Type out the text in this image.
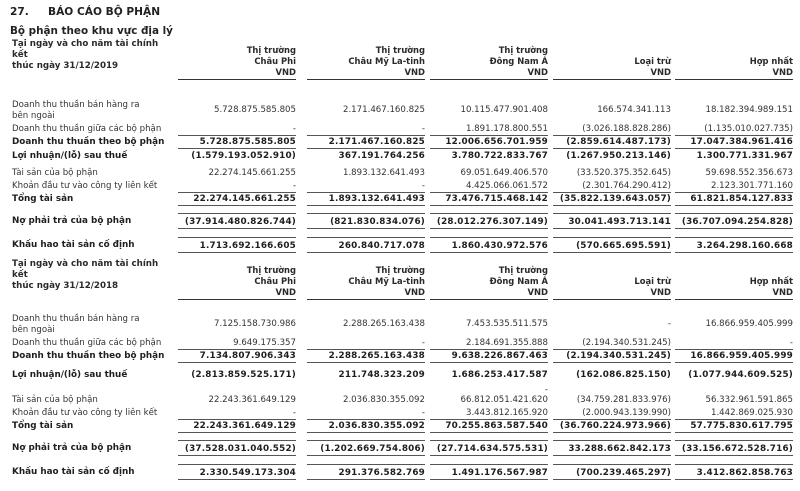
27. BÁO CÁO BỘ PHẬN
Bộ phận theo khu vực địa lý
Tại ngày và cho năm tài chính kết
thúc ngày 31/12/2019
Thị trường
Châu Phi
VND
Thị trường
Châu Mỹ La-tinh
VND
Thị trường
Đông Nam Á
VND
Loại trừ
VND
Hợp nhất
VND
Doanh thu thuần bán hàng ra
bên ngoài
5.728.875.585.805	2.171.467.160.825	10.115.477.901.408	166.574.341.113	18.182.394.989.151
Doanh thu thuần giữa các bộ phận	-	-	1.891.178.800.551	(3.026.188.828.286)	(1.135.010.027.735)
Doanh thu thuần theo bộ phận	5.728.875.585.805	2.171.467.160.825	12.006.656.701.959	(2.859.614.487.173)	17.047.384.961.416
Lợi nhuận/(lỗ) sau thuế	(1.579.193.052.910)	367.191.764.256	3.780.722.833.767	(1.267.950.213.146)	1.300.771.331.967
Tài sản của bộ phận	22.274.145.661.255	1.893.132.641.493	69.051.649.406.570	(33.520.375.352.645)	59.698.552.356.673
Khoản đầu tư vào công ty liên kết	-	-	4.425.066.061.572	(2.301.764.290.412)	2.123.301.771.160
Tổng tài sản	22.274.145.661.255	1.893.132.641.493	73.476.715.468.142	(35.822.139.643.057)	61.821.854.127.833
Nợ phải trả của bộ phận	(37.914.480.826.744)	(821.830.834.076)	(28.012.276.307.149)	30.041.493.713.141	(36.707.094.254.828)
Khấu hao tài sản cố định	1.713.692.166.605	260.840.717.078	1.860.430.972.576	(570.665.695.591)	3.264.298.160.668
Tại ngày và cho năm tài chính kết
thúc ngày 31/12/2018
Thị trường
Châu Phi
VND
Thị trường
Châu Mỹ La-tinh
VND
Thị trường
Đông Nam Á
VND
Loại trừ
VND
Hợp nhất
VND
Doanh thu thuần bán hàng ra
bên ngoài
7.125.158.730.986	2.288.265.163.438	7.453.535.511.575	-	16.866.959.405.999
Doanh thu thuần giữa các bộ phận	9.649.175.357	-	2.184.691.355.888	(2.194.340.531.245)	-
Doanh thu thuần theo bộ phận	7.134.807.906.343	2.288.265.163.438	9.638.226.867.463	(2.194.340.531.245)	16.866.959.405.999
Lợi nhuận/(lỗ) sau thuế	(2.813.859.525.171)	211.748.323.209	1.686.253.417.587	(162.086.825.150)	(1.077.944.609.525)
-
Tài sản của bộ phận	22.243.361.649.129	2.036.830.355.092	66.812.051.421.620	(34.759.281.833.976)	56.332.961.591.865
Khoản đầu tư vào công ty liên kết	-	-	3.443.812.165.920	(2.000.943.139.990)	1.442.869.025.930
Tổng tài sản	22.243.361.649.129	2.036.830.355.092	70.255.863.587.540	(36.760.224.973.966)	57.775.830.617.795
Nợ phải trả của bộ phận	(37.528.031.040.552)	(1.202.669.754.806)	(27.714.634.575.531)	33.288.662.842.173	(33.156.672.528.716)
Khấu hao tài sản cố định	2.330.549.173.304	291.376.582.769	1.491.176.567.987	(700.239.465.297)	3.412.862.858.763
